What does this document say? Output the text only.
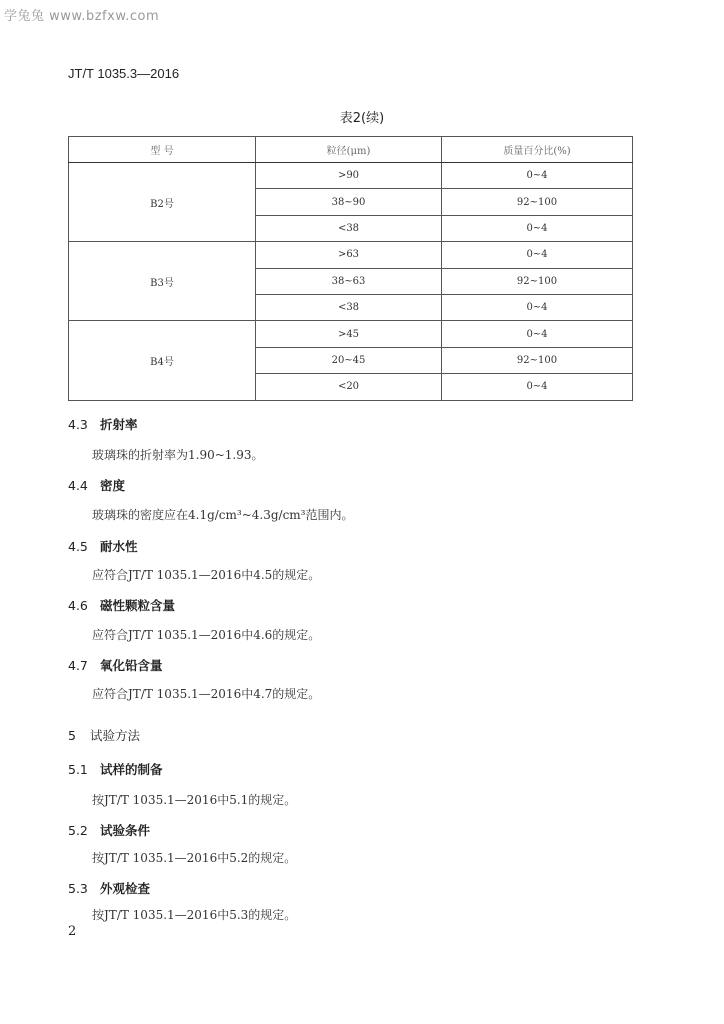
学兔兔 www.bzfxw.com
JT/T 1035.3—2016
表2(续)
型 号	粒径(μm)	质量百分比(%)
B2号	>90	0~4
	38~90	92~100
	<38	0~4
B3号	>63	0~4
	38~63	92~100
	<38	0~4
B4号	>45	0~4
	20~45	92~100
	<20	0~4
4.3 折射率
玻璃珠的折射率为1.90~1.93。
4.4 密度
玻璃珠的密度应在4.1g/cm³~4.3g/cm³范围内。
4.5 耐水性
应符合JT/T 1035.1—2016中4.5的规定。
4.6 磁性颗粒含量
应符合JT/T 1035.1—2016中4.6的规定。
4.7 氧化铅含量
应符合JT/T 1035.1—2016中4.7的规定。
5 试验方法
5.1 试样的制备
按JT/T 1035.1—2016中5.1的规定。
5.2 试验条件
按JT/T 1035.1—2016中5.2的规定。
5.3 外观检查
按JT/T 1035.1—2016中5.3的规定。
2
